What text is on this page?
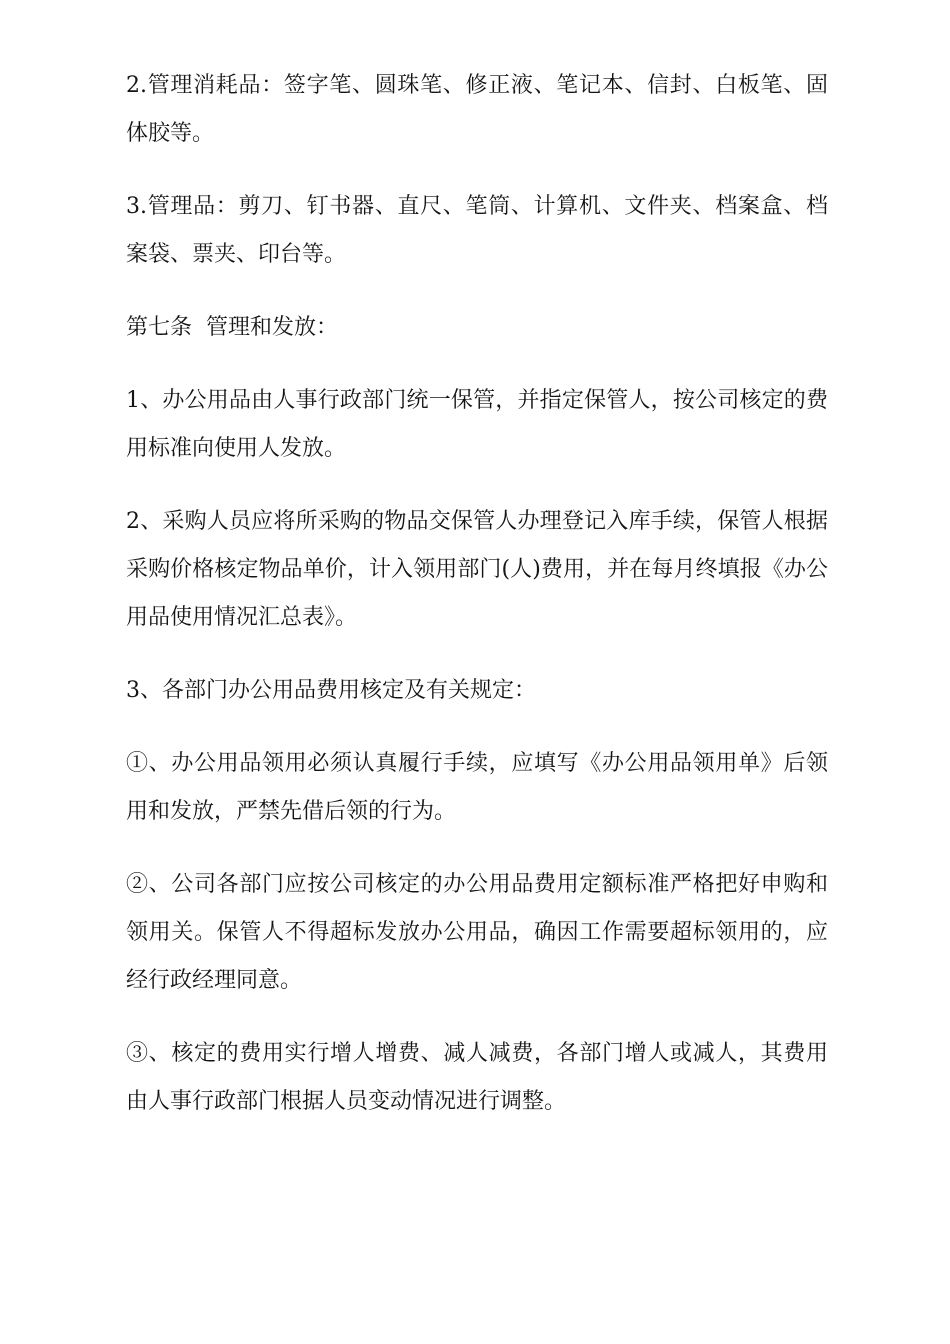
2.管理消耗品：签字笔、圆珠笔、修正液、笔记本、信封、白板笔、固体胶等。

3.管理品：剪刀、钉书器、直尺、笔筒、计算机、文件夹、档案盒、档案袋、票夹、印台等。

第七条  管理和发放：

1、办公用品由人事行政部门统一保管，并指定保管人，按公司核定的费用标准向使用人发放。

2、采购人员应将所采购的物品交保管人办理登记入库手续，保管人根据采购价格核定物品单价，计入领用部门(人)费用，并在每月终填报《办公用品使用情况汇总表》。

3、各部门办公用品费用核定及有关规定：

①、办公用品领用必须认真履行手续，应填写《办公用品领用单》后领用和发放，严禁先借后领的行为。

②、公司各部门应按公司核定的办公用品费用定额标准严格把好申购和领用关。保管人不得超标发放办公用品，确因工作需要超标领用的，应经行政经理同意。

③、核定的费用实行增人增费、减人减费，各部门增人或减人，其费用由人事行政部门根据人员变动情况进行调整。
